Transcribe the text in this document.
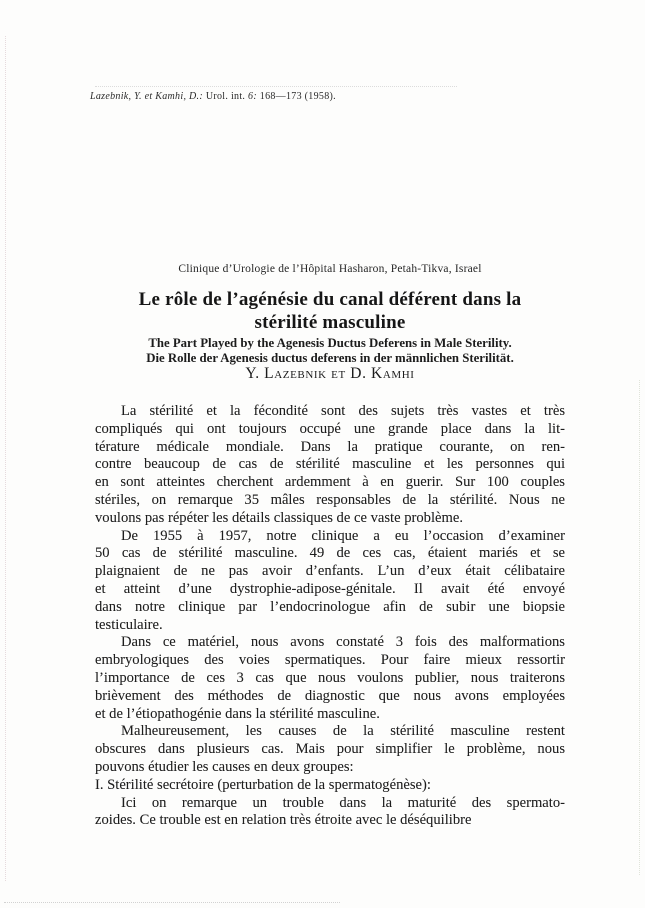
Lazebnik, Y. et Kamhi, D.: Urol. int. 6: 168—173 (1958).
Clinique d’Urologie de l’Hôpital Hasharon, Petah-Tikva, Israel
Le rôle de l’agénésie du canal déférent dans la
stérilité masculine
The Part Played by the Agenesis Ductus Deferens in Male Sterility.
Die Rolle der Agenesis ductus deferens in der männlichen Sterilität.
Y. Lazebnik et D. Kamhi
La stérilité et la fécondité sont des sujets très vastes et très
compliqués qui ont toujours occupé une grande place dans la lit-
térature médicale mondiale. Dans la pratique courante, on ren-
contre beaucoup de cas de stérilité masculine et les personnes qui
en sont atteintes cherchent ardemment à en guerir. Sur 100 couples
stériles, on remarque 35 mâles responsables de la stérilité. Nous ne
voulons pas répéter les détails classiques de ce vaste problème.
De 1955 à 1957, notre clinique a eu l’occasion d’examiner
50 cas de stérilité masculine. 49 de ces cas, étaient mariés et se
plaignaient de ne pas avoir d’enfants. L’un d’eux était célibataire
et atteint d’une dystrophie-adipose-génitale. Il avait été envoyé
dans notre clinique par l’endocrinologue afin de subir une biopsie
testiculaire.
Dans ce matériel, nous avons constaté 3 fois des malformations
embryologiques des voies spermatiques. Pour faire mieux ressortir
l’importance de ces 3 cas que nous voulons publier, nous traiterons
brièvement des méthodes de diagnostic que nous avons employées
et de l’étiopathogénie dans la stérilité masculine.
Malheureusement, les causes de la stérilité masculine restent
obscures dans plusieurs cas. Mais pour simplifier le problème, nous
pouvons étudier les causes en deux groupes:
I. Stérilité secrétoire (perturbation de la spermatogénèse):
Ici on remarque un trouble dans la maturité des spermato-
zoides. Ce trouble est en relation très étroite avec le déséquilibre
